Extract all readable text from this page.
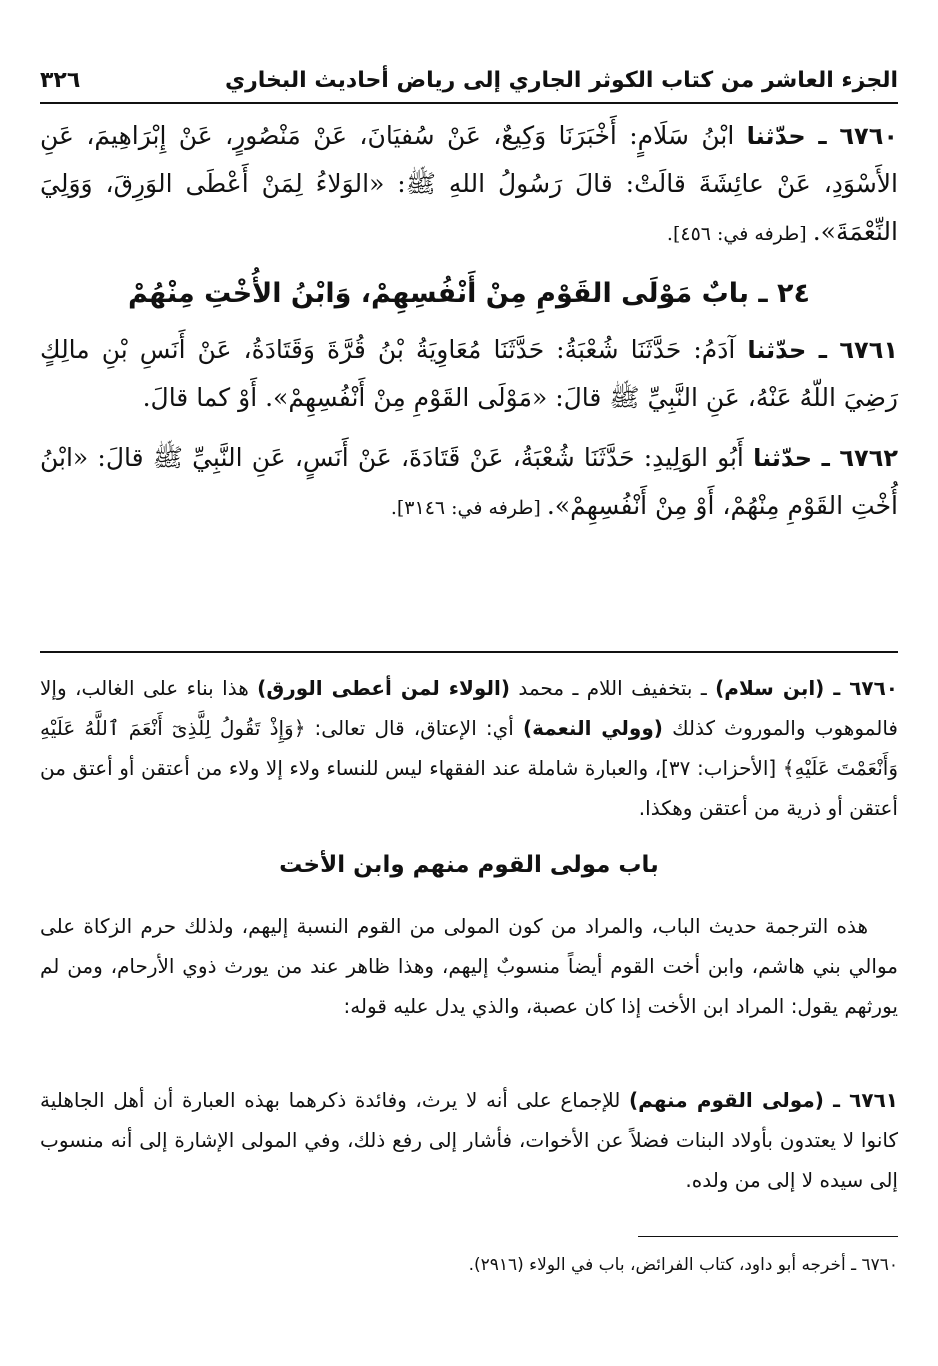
الجزء العاشر من كتاب الكوثر الجاري إلى رياض أحاديث البخاري
٣٢٦

٦٧٦٠ ـ حدّثنا ابْنُ سَلَامٍ: أَخْبَرَنَا وَكِيعٌ، عَنْ سُفيَانَ، عَنْ مَنْصُورٍ، عَنْ إِبْرَاهِيمَ، عَنِ الأَسْوَدِ، عَنْ عائِشَةَ قالَتْ: قالَ رَسُولُ اللهِ ﷺ: «الوَلاءُ لِمَنْ أَعْطَى الوَرِقَ، وَوَلِيَ النِّعْمَةَ». [طرفه في: ٤٥٦].

٢٤ ـ بابٌ مَوْلَى القَوْمِ مِنْ أَنْفُسِهِمْ، وَابْنُ الأُخْتِ مِنْهُمْ

٦٧٦١ ـ حدّثنا آدَمُ: حَدَّثَنَا شُعْبَةُ: حَدَّثَنَا مُعَاوِيَةُ بْنُ قُرَّةَ وَقَتَادَةُ، عَنْ أَنَسِ بْنِ مالِكٍ رَضِيَ اللّهُ عَنْهُ، عَنِ النَّبِيِّ ﷺ قالَ: «مَوْلَى القَوْمِ مِنْ أَنْفُسِهِمْ». أَوْ كما قالَ.

٦٧٦٢ ـ حدّثنا أَبُو الوَلِيدِ: حَدَّثَنَا شُعْبَةُ، عَنْ قَتَادَةَ، عَنْ أَنَسٍ، عَنِ النَّبِيِّ ﷺ قالَ: «ابْنُ أُخْتِ القَوْمِ مِنْهُمْ، أَوْ مِنْ أَنْفُسِهِمْ». [طرفه في: ٣١٤٦].

٦٧٦٠ ـ (ابن سلام) ـ بتخفيف اللام ـ محمد (الولاء لمن أعطى الورق) هذا بناء على الغالب، وإلا فالموهوب والموروث كذلك (وولي النعمة) أي: الإعتاق، قال تعالى: ﴿وَإِذْ تَقُولُ لِلَّذِىٓ أَنْعَمَ ٱللَّهُ عَلَيْهِ وَأَنْعَمْتَ عَلَيْهِ﴾ [الأحزاب: ٣٧]، والعبارة شاملة عند الفقهاء ليس للنساء ولاء إلا ولاء من أعتقن أو أعتق من أعتقن أو ذرية من أعتقن وهكذا.

باب مولى القوم منهم وابن الأخت

هذه الترجمة حديث الباب، والمراد من كون المولى من القوم النسبة إليهم، ولذلك حرم الزكاة على موالي بني هاشم، وابن أخت القوم أيضاً منسوبٌ إليهم، وهذا ظاهر عند من يورث ذوي الأرحام، ومن لم يورثهم يقول: المراد ابن الأخت إذا كان عصبة، والذي يدل عليه قوله:

٦٧٦١ ـ (مولى القوم منهم) للإجماع على أنه لا يرث، وفائدة ذكرهما بهذه العبارة أن أهل الجاهلية كانوا لا يعتدون بأولاد البنات فضلاً عن الأخوات، فأشار إلى رفع ذلك، وفي المولى الإشارة إلى أنه منسوب إلى سيده لا إلى من ولده.

٦٧٦٠ ـ أخرجه أبو داود، كتاب الفرائض، باب في الولاء (٢٩١٦).
